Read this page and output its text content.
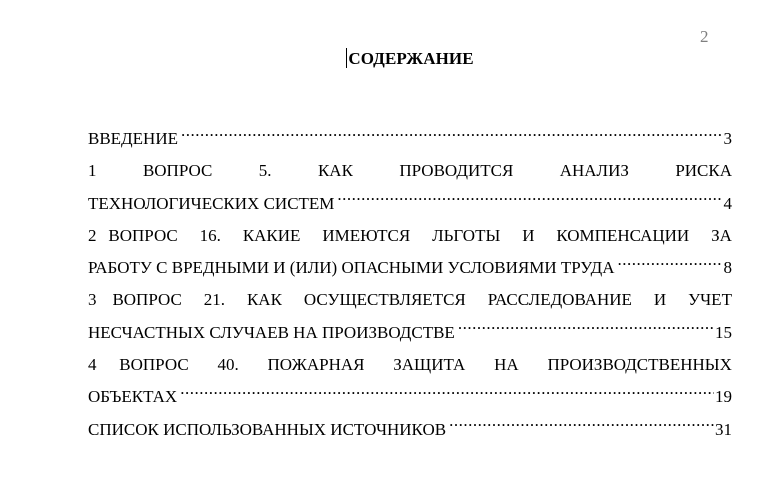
2
СОДЕРЖАНИЕ
ВВЕДЕНИЕ .....	3
1	ВОПРОС	5.	КАК	ПРОВОДИТСЯ	АНАЛИЗ	РИСКА
ТЕХНОЛОГИЧЕСКИХ СИСТЕМ .....	4
2 ВОПРОС 16. КАКИЕ ИМЕЮТСЯ ЛЬГОТЫ И КОМПЕНСАЦИИ ЗА
РАБОТУ С ВРЕДНЫМИ И (ИЛИ) ОПАСНЫМИ УСЛОВИЯМИ ТРУДА .....	8
3 ВОПРОС 21. КАК ОСУЩЕСТВЛЯЕТСЯ РАССЛЕДОВАНИЕ И УЧЕТ
НЕСЧАСТНЫХ СЛУЧАЕВ НА ПРОИЗВОДСТВЕ .....	15
4 ВОПРОС 40. ПОЖАРНАЯ ЗАЩИТА НА ПРОИЗВОДСТВЕННЫХ
ОБЪЕКТАХ .....	19
СПИСОК ИСПОЛЬЗОВАННЫХ ИСТОЧНИКОВ .....	31
